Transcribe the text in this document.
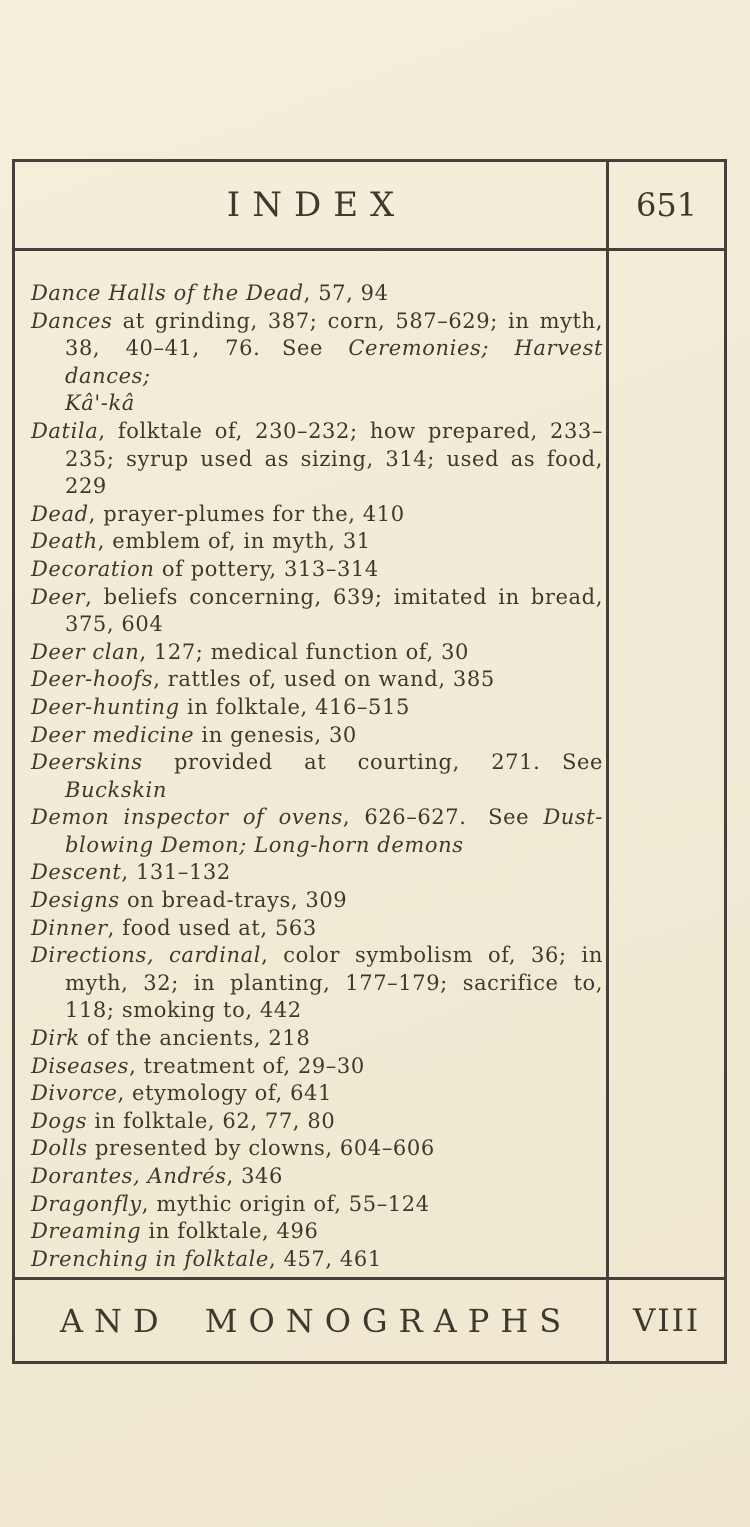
INDEX	651
Dance Halls of the Dead, 57, 94
Dances at grinding, 387; corn, 587–629; in myth,
38, 40–41, 76. See Ceremonies; Harvest dances;
Kâ'-kâ
Datila, folktale of, 230–232; how prepared, 233–
235; syrup used as sizing, 314; used as food,
229
Dead, prayer-plumes for the, 410
Death, emblem of, in myth, 31
Decoration of pottery, 313–314
Deer, beliefs concerning, 639; imitated in bread,
375, 604
Deer clan, 127; medical function of, 30
Deer-hoofs, rattles of, used on wand, 385
Deer-hunting in folktale, 416–515
Deer medicine in genesis, 30
Deerskins provided at courting, 271. See
Buckskin
Demon inspector of ovens, 626–627. See Dust-
blowing Demon; Long-horn demons
Descent, 131–132
Designs on bread-trays, 309
Dinner, food used at, 563
Directions, cardinal, color symbolism of, 36; in
myth, 32; in planting, 177–179; sacrifice to,
118; smoking to, 442
Dirk of the ancients, 218
Diseases, treatment of, 29–30
Divorce, etymology of, 641
Dogs in folktale, 62, 77, 80
Dolls presented by clowns, 604–606
Dorantes, Andrés, 346
Dragonfly, mythic origin of, 55–124
Dreaming in folktale, 496
Drenching in folktale, 457, 461
AND MONOGRAPHS	VIII
